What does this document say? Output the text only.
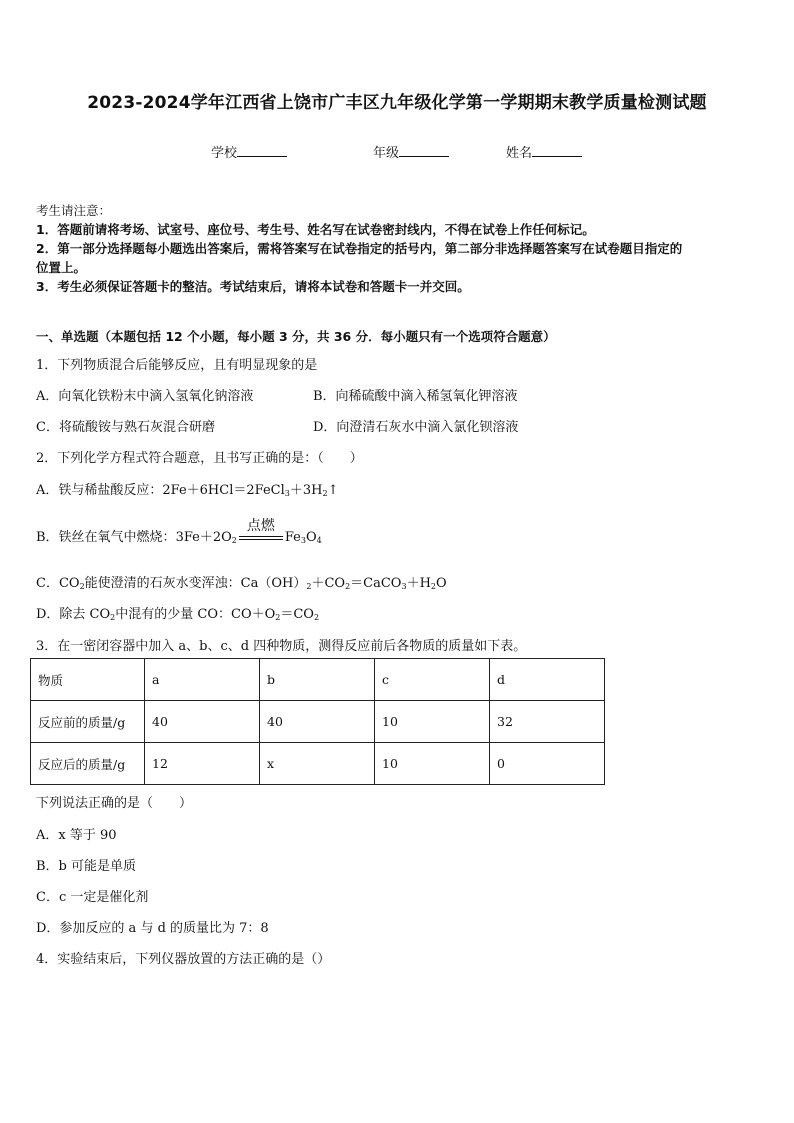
2023-2024学年江西省上饶市广丰区九年级化学第一学期期末教学质量检测试题
学校	年级	姓名
考生请注意：
1．答题前请将考场、试室号、座位号、考生号、姓名写在试卷密封线内，不得在试卷上作任何标记。
2．第一部分选择题每小题选出答案后，需将答案写在试卷指定的括号内，第二部分非选择题答案写在试卷题目指定的
位置上。
3．考生必须保证答题卡的整洁。考试结束后，请将本试卷和答题卡一并交回。
一、单选题（本题包括 12 个小题，每小题 3 分，共 36 分．每小题只有一个选项符合题意）
1．下列物质混合后能够反应，且有明显现象的是
A．向氧化铁粉末中滴入氢氧化钠溶液	B．向稀硫酸中滴入稀氢氧化钾溶液
C．将硫酸铵与熟石灰混合研磨	D．向澄清石灰水中滴入氯化钡溶液
2．下列化学方程式符合题意，且书写正确的是：（　　）
A．铁与稀盐酸反应：$2Fe+6HCl=2FeCl_3+3H_2↑$
B．铁丝在氧气中燃烧：$3Fe+2O_2$
点燃
$Fe_3O_4$
C．$CO_2$能使澄清的石灰水变浑浊：$Ca(OH)_2+CO_2=CaCO_3+H_2O$
D．除去 $CO_2$中混有的少量 CO：$CO+O_2=CO_2$
3．在一密闭容器中加入 a、b、c、d 四种物质，测得反应前后各物质的质量如下表。
物质	a	b	c	d
反应前的质量/g	40	40	10	32
反应后的质量/g	12	x	10	0
下列说法正确的是（　　）
A．x 等于 90
B．b 可能是单质
C．c 一定是催化剂
D．参加反应的 a 与 d 的质量比为 7：8
4．实验结束后，下列仪器放置的方法正确的是（）
